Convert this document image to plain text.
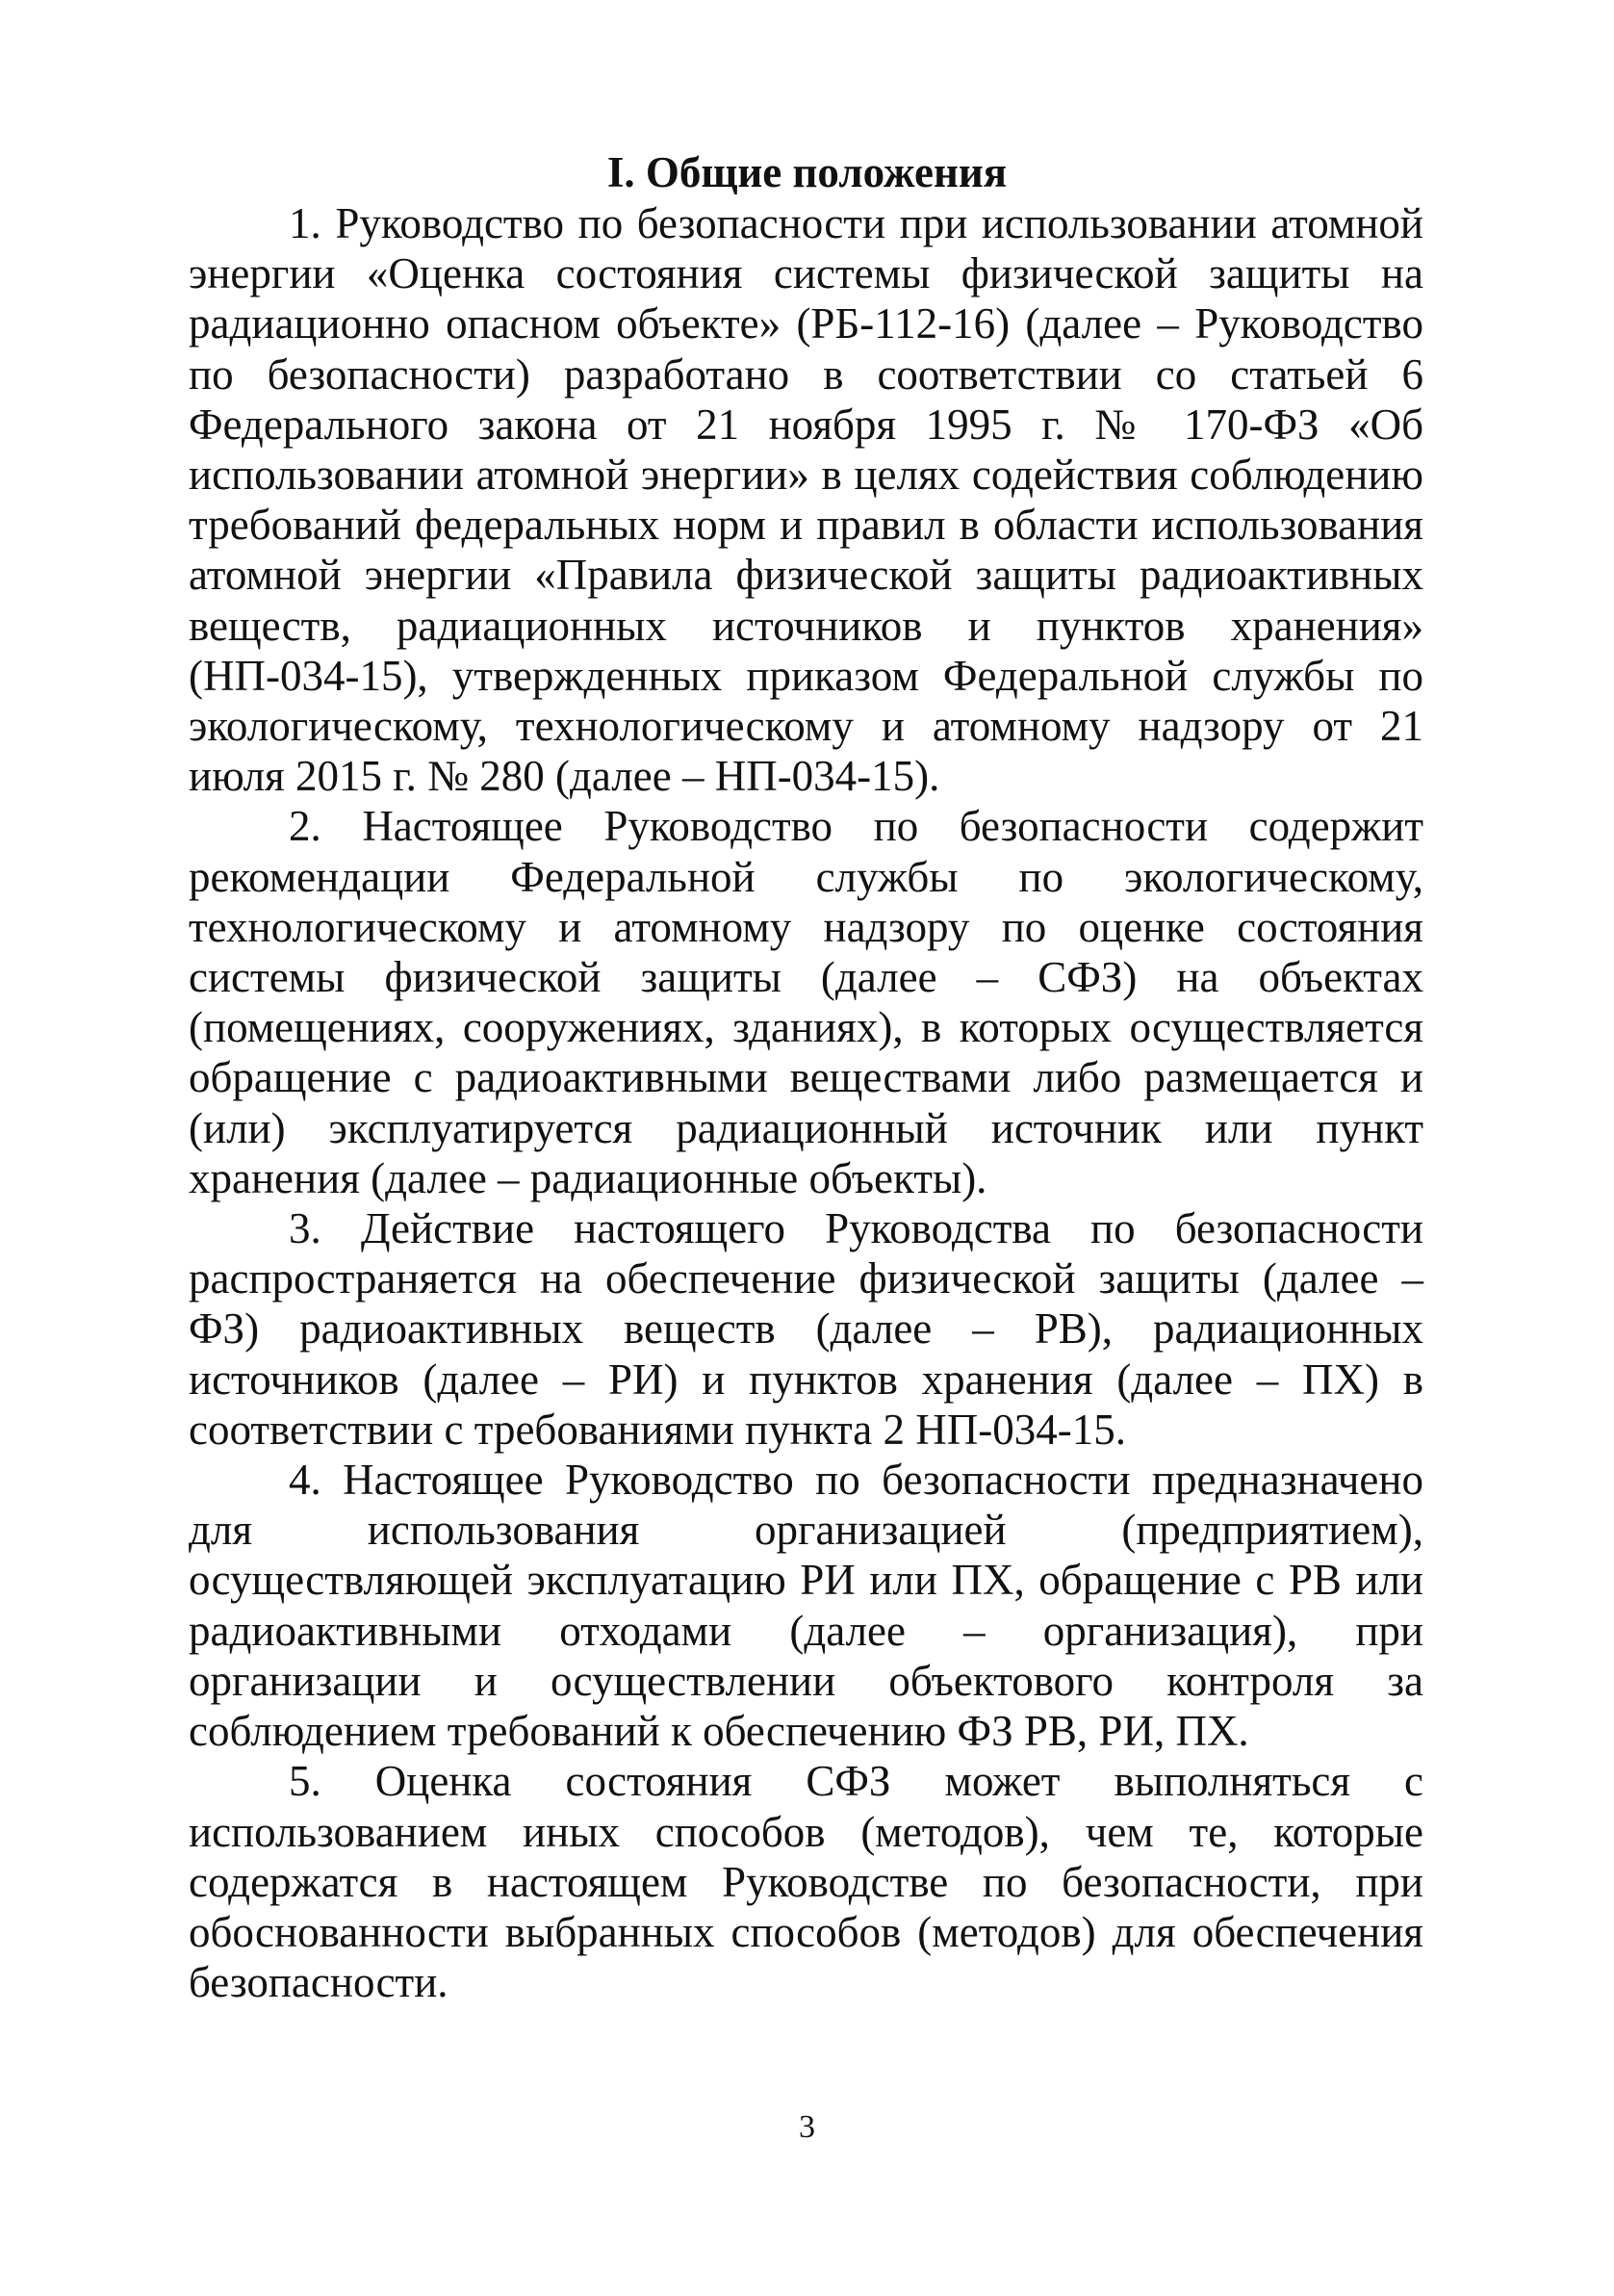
I. Общие положения

1. Руководство по безопасности при использовании атомной энергии «Оценка состояния системы физической защиты на радиационно опасном объекте» (РБ-112-16) (далее – Руководство по безопасности) разработано в соответствии со статьей 6 Федерального закона от 21 ноября 1995 г. № 170-ФЗ «Об использовании атомной энергии» в целях содействия соблюдению требований федеральных норм и правил в области использования атомной энергии «Правила физической защиты радиоактивных веществ, радиационных источников и пунктов хранения» (НП-034-15), утвержденных приказом Федеральной службы по экологическому, технологическому и атомному надзору от 21 июля 2015 г. № 280 (далее – НП-034-15).

2. Настоящее Руководство по безопасности содержит рекомендации Федеральной службы по экологическому, технологическому и атомному надзору по оценке состояния системы физической защиты (далее – СФЗ) на объектах (помещениях, сооружениях, зданиях), в которых осуществляется обращение с радиоактивными веществами либо размещается и (или) эксплуатируется радиационный источник или пункт хранения (далее – радиационные объекты).

3. Действие настоящего Руководства по безопасности распространяется на обеспечение физической защиты (далее – ФЗ) радиоактивных веществ (далее – РВ), радиационных источников (далее – РИ) и пунктов хранения (далее – ПХ) в соответствии с требованиями пункта 2 НП-034-15.

4. Настоящее Руководство по безопасности предназначено для использования организацией (предприятием), осуществляющей эксплуатацию РИ или ПХ, обращение с РВ или радиоактивными отходами (далее – организация), при организации и осуществлении объектового контроля за соблюдением требований к обеспечению ФЗ РВ, РИ, ПХ.

5. Оценка состояния СФЗ может выполняться с использованием иных способов (методов), чем те, которые содержатся в настоящем Руководстве по безопасности, при обоснованности выбранных способов (методов) для обеспечения безопасности.

3
